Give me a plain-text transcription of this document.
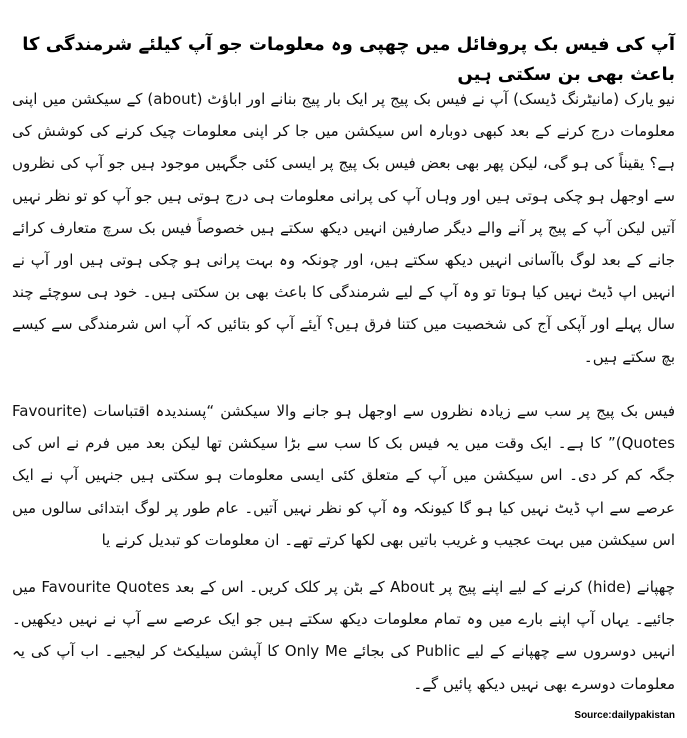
آپ کی فیس بک پروفائل میں چھپی وہ معلومات جو آپ کیلئے شرمندگی کا باعث بھی بن سکتی ہیں

نیو یارک (مانیٹرنگ ڈیسک) آپ نے فیس بک پیج پر ایک بار پیج بنانے اور اباؤٹ (about) کے سیکشن میں اپنی معلومات درج کرنے کے بعد کبھی دوبارہ اس سیکشن میں جا کر اپنی معلومات چیک کرنے کی کوشش کی ہے؟ یقیناً کی ہو گی، لیکن پھر بھی بعض فیس بک پیج پر ایسی کئی جگہیں موجود ہیں جو آپ کی نظروں سے اوجھل ہو چکی ہوتی ہیں اور وہاں آپ کی پرانی معلومات ہی درج ہوتی ہیں جو آپ کو تو نظر نہیں آتیں لیکن آپ کے پیج پر آنے والے دیگر صارفین انہیں دیکھ سکتے ہیں خصوصاً فیس بک سرچ متعارف کرائے جانے کے بعد لوگ باآسانی انہیں دیکھ سکتے ہیں، اور چونکہ وہ بہت پرانی ہو چکی ہوتی ہیں اور آپ نے انہیں اپ ڈیٹ نہیں کیا ہوتا تو وہ آپ کے لیے شرمندگی کا باعث بھی بن سکتی ہیں۔ خود ہی سوچئے چند سال پہلے اور آپکی آج کی شخصیت میں کتنا فرق ہیں؟ آیئے آپ کو بتائیں کہ آپ اس شرمندگی سے کیسے بچ سکتے ہیں۔

فیس بک پیج پر سب سے زیادہ نظروں سے اوجھل ہو جانے والا سیکشن “پسندیدہ اقتباسات (Favourite Quotes)” کا ہے۔ ایک وقت میں یہ فیس بک کا سب سے بڑا سیکشن تھا لیکن بعد میں فرم نے اس کی جگہ کم کر دی۔ اس سیکشن میں آپ کے متعلق کئی ایسی معلومات ہو سکتی ہیں جنہیں آپ نے ایک عرصے سے اپ ڈیٹ نہیں کیا ہو گا کیونکہ وہ آپ کو نظر نہیں آتیں۔ عام طور پر لوگ ابتدائی سالوں میں اس سیکشن میں بہت عجیب و غریب باتیں بھی لکھا کرتے تھے۔ ان معلومات کو تبدیل کرنے یا

چھپانے (hide) کرنے کے لیے اپنے پیج پر About کے بٹن پر کلک کریں۔ اس کے بعد Favourite Quotes میں جائیے۔ یہاں آپ اپنے بارے میں وہ تمام معلومات دیکھ سکتے ہیں جو ایک عرصے سے آپ نے نہیں دیکھیں۔ انہیں دوسروں سے چھپانے کے لیے Public کی بجائے Only Me کا آپشن سیلیکٹ کر لیجیے۔ اب آپ کی یہ معلومات دوسرے بھی نہیں دیکھ پائیں گے۔

Source:dailypakistan
